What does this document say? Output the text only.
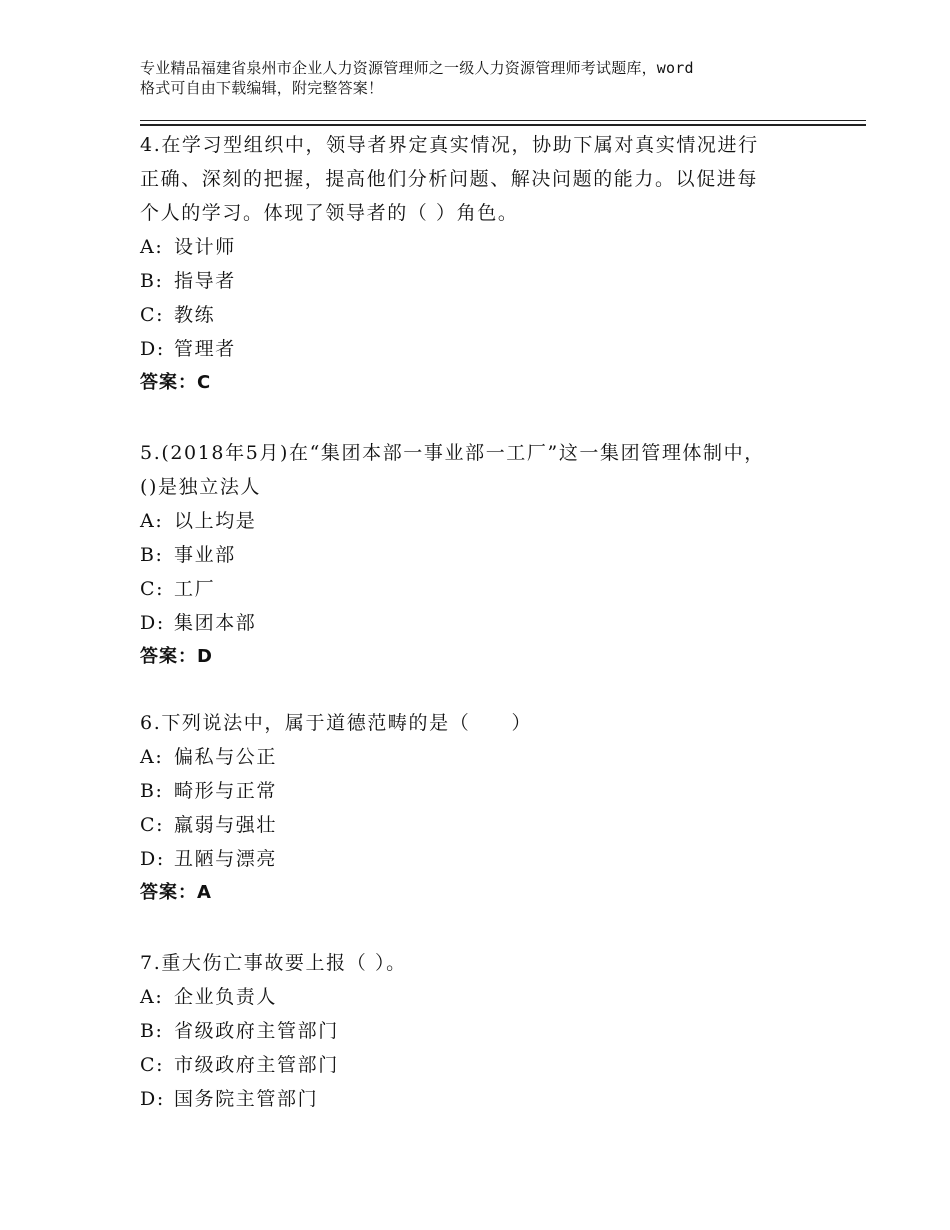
专业精品福建省泉州市企业人力资源管理师之一级人力资源管理师考试题库，word
格式可自由下载编辑，附完整答案！
4.在学习型组织中，领导者界定真实情况，协助下属对真实情况进行
正确、深刻的把握，提高他们分析问题、解决问题的能力。以促进每
个人的学习。体现了领导者的（ ）角色。
A: 设计师
B: 指导者
C: 教练
D: 管理者
答案：C
5.(2018年5月)在“集团本部一事业部一工厂”这一集团管理体制中，
()是独立法人
A: 以上均是
B: 事业部
C: 工厂
D: 集团本部
答案：D
6.下列说法中，属于道德范畴的是（　　）
A: 偏私与公正
B: 畸形与正常
C: 羸弱与强壮
D: 丑陋与漂亮
答案：A
7.重大伤亡事故要上报（ ）。
A: 企业负责人
B: 省级政府主管部门
C: 市级政府主管部门
D: 国务院主管部门
